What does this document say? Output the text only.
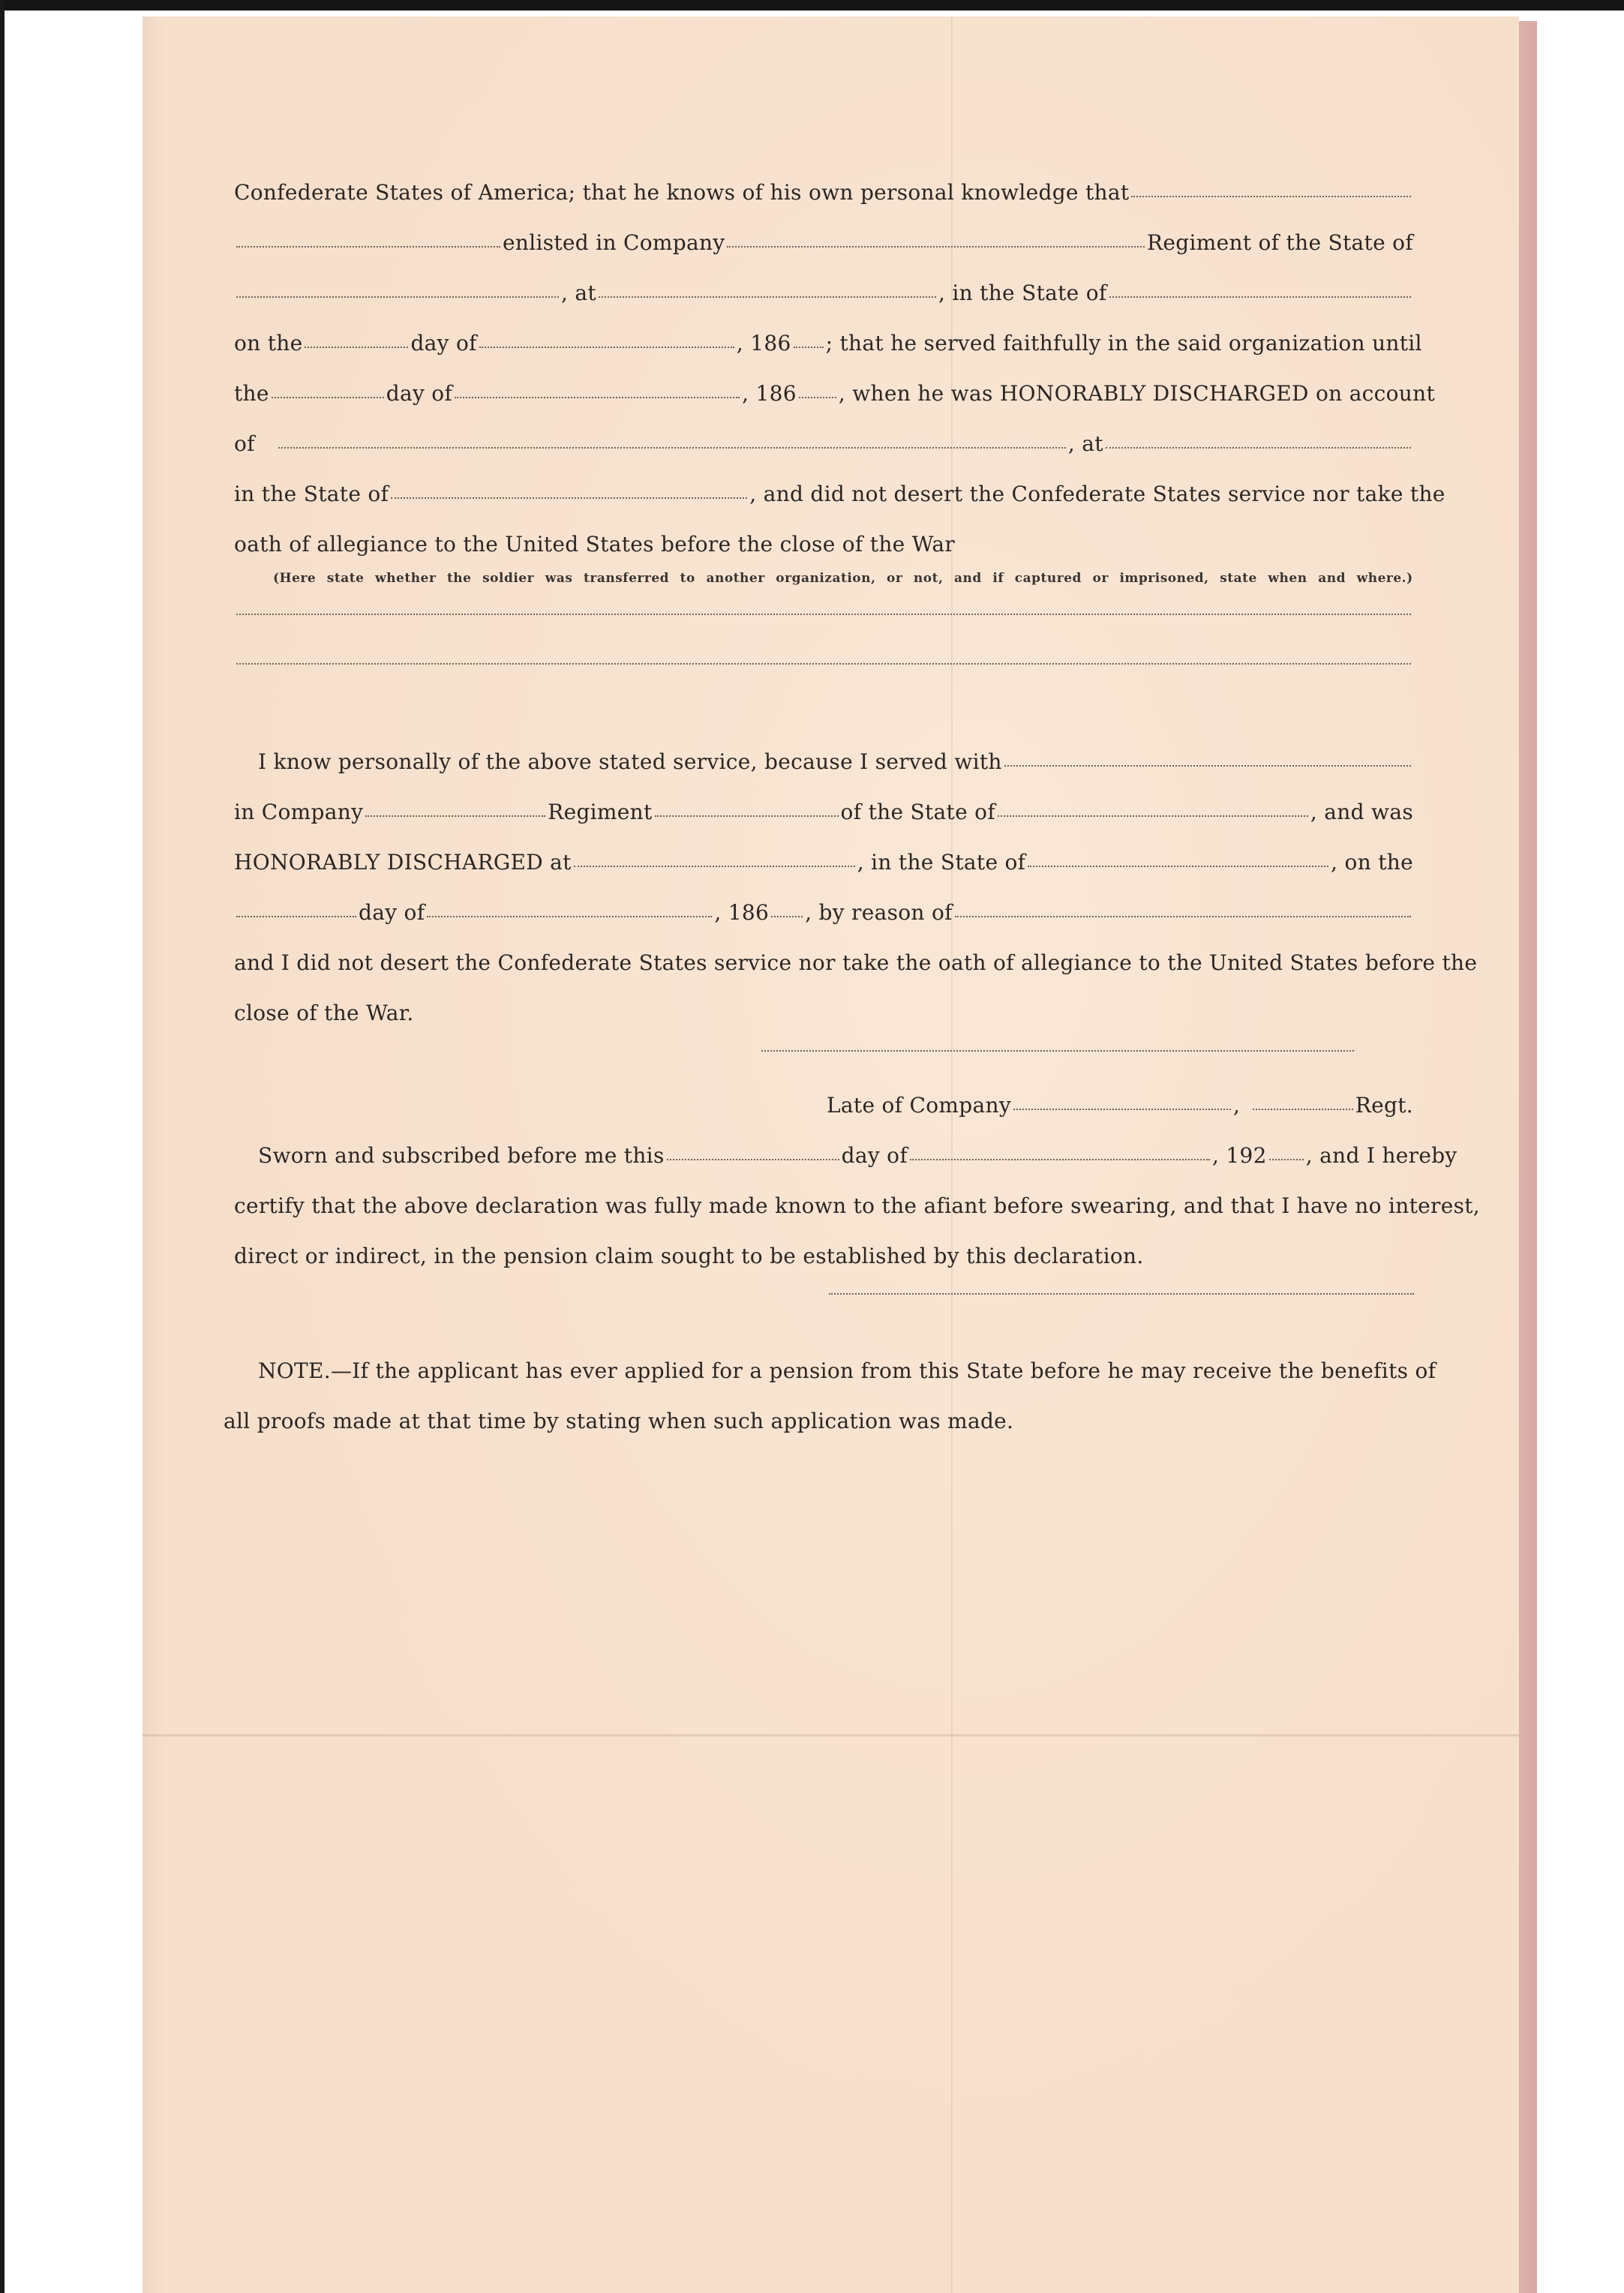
Confederate States of America; that he knows of his own personal knowledge that
enlisted in Company	Regiment of the State of
, at	, in the State of
on the	day of	, 186 ; that he served faithfully in the said organization until
the	day of	, 186 , when he was HONORABLY DISCHARGED on account
of	, at
in the State of	, and did not desert the Confederate States service nor take the
oath of allegiance to the United States before the close of the War
(Here state whether the soldier was transferred to another organization, or not, and if captured or imprisoned, state when and where.)
I know personally of the above stated service, because I served with
in Company	Regiment	of the State of	, and was
HONORABLY DISCHARGED at	, in the State of	, on the
day of	, 186 , by reason of
and I did not desert the Confederate States service nor take the oath of allegiance to the United States before the
close of the War.
Late of Company	,	Regt.
Sworn and subscribed before me this	day of	, 192 , and I hereby
certify that the above declaration was fully made known to the afiant before swearing, and that I have no interest,
direct or indirect, in the pension claim sought to be established by this declaration.
NOTE.—If the applicant has ever applied for a pension from this State before he may receive the benefits of
all proofs made at that time by stating when such application was made.
